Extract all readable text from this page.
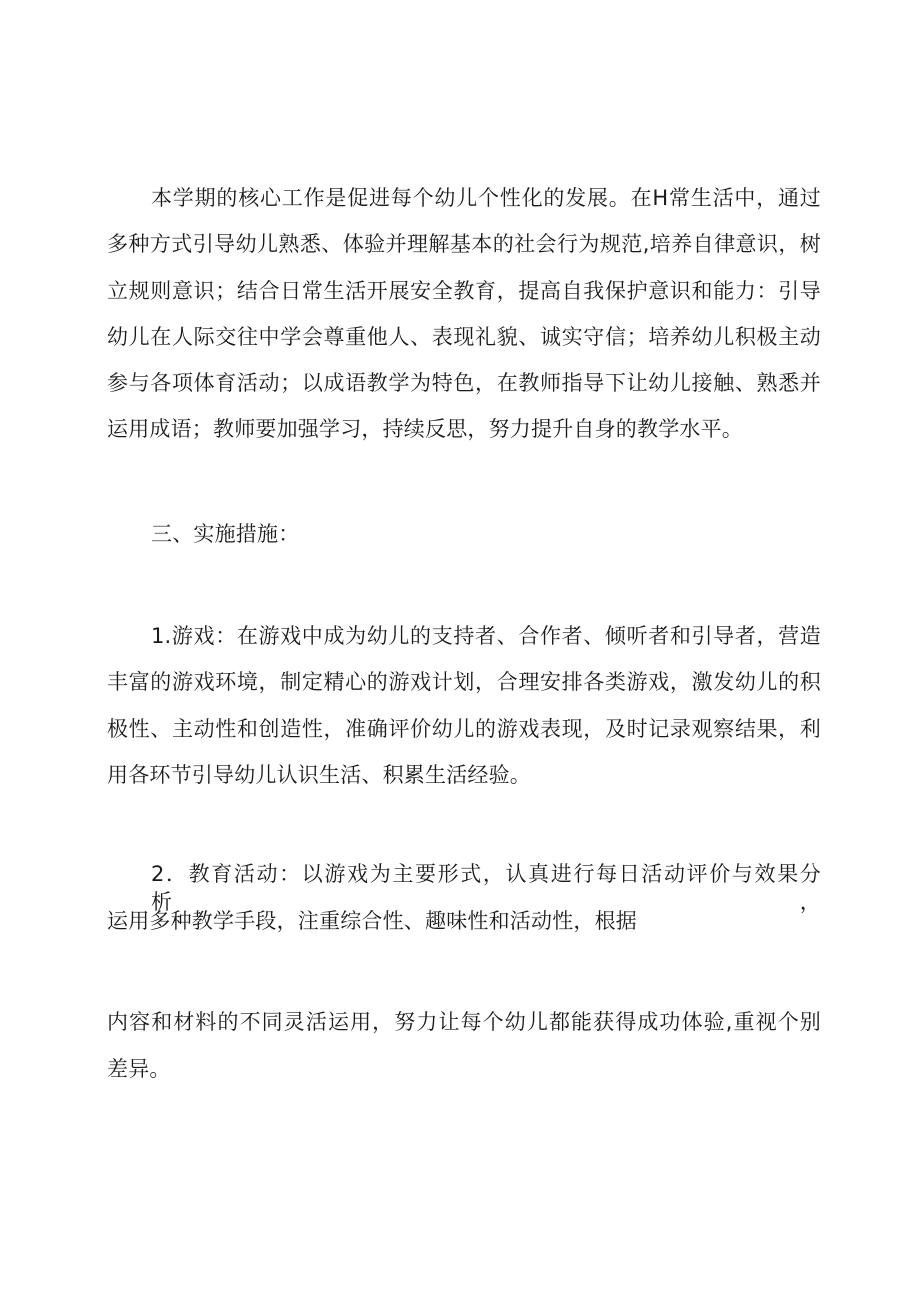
本学期的核心工作是促进每个幼儿个性化的发展。在H常生活中，通过
多种方式引导幼儿熟悉、体验并理解基本的社会行为规范,培养自律意识，树
立规则意识；结合日常生活开展安全教育，提高自我保护意识和能力：引导
幼儿在人际交往中学会尊重他人、表现礼貌、诚实守信；培养幼儿积极主动
参与各项体育活动；以成语教学为特色，在教师指导下让幼儿接触、熟悉并
运用成语；教师要加强学习，持续反思，努力提升自身的教学水平。
三、实施措施：
1.游戏：在游戏中成为幼儿的支持者、合作者、倾听者和引导者，营造
丰富的游戏环境，制定精心的游戏计划，合理安排各类游戏，激发幼儿的积
极性、主动性和创造性，准确评价幼儿的游戏表现，及时记录观察结果，利
用各环节引导幼儿认识生活、积累生活经验。
2．教育活动：以游戏为主要形式，认真进行每日活动评价与效果分析，
运用多种教学手段，注重综合性、趣味性和活动性，根据
内容和材料的不同灵活运用，努力让每个幼儿都能获得成功体验,重视个别
差异。
